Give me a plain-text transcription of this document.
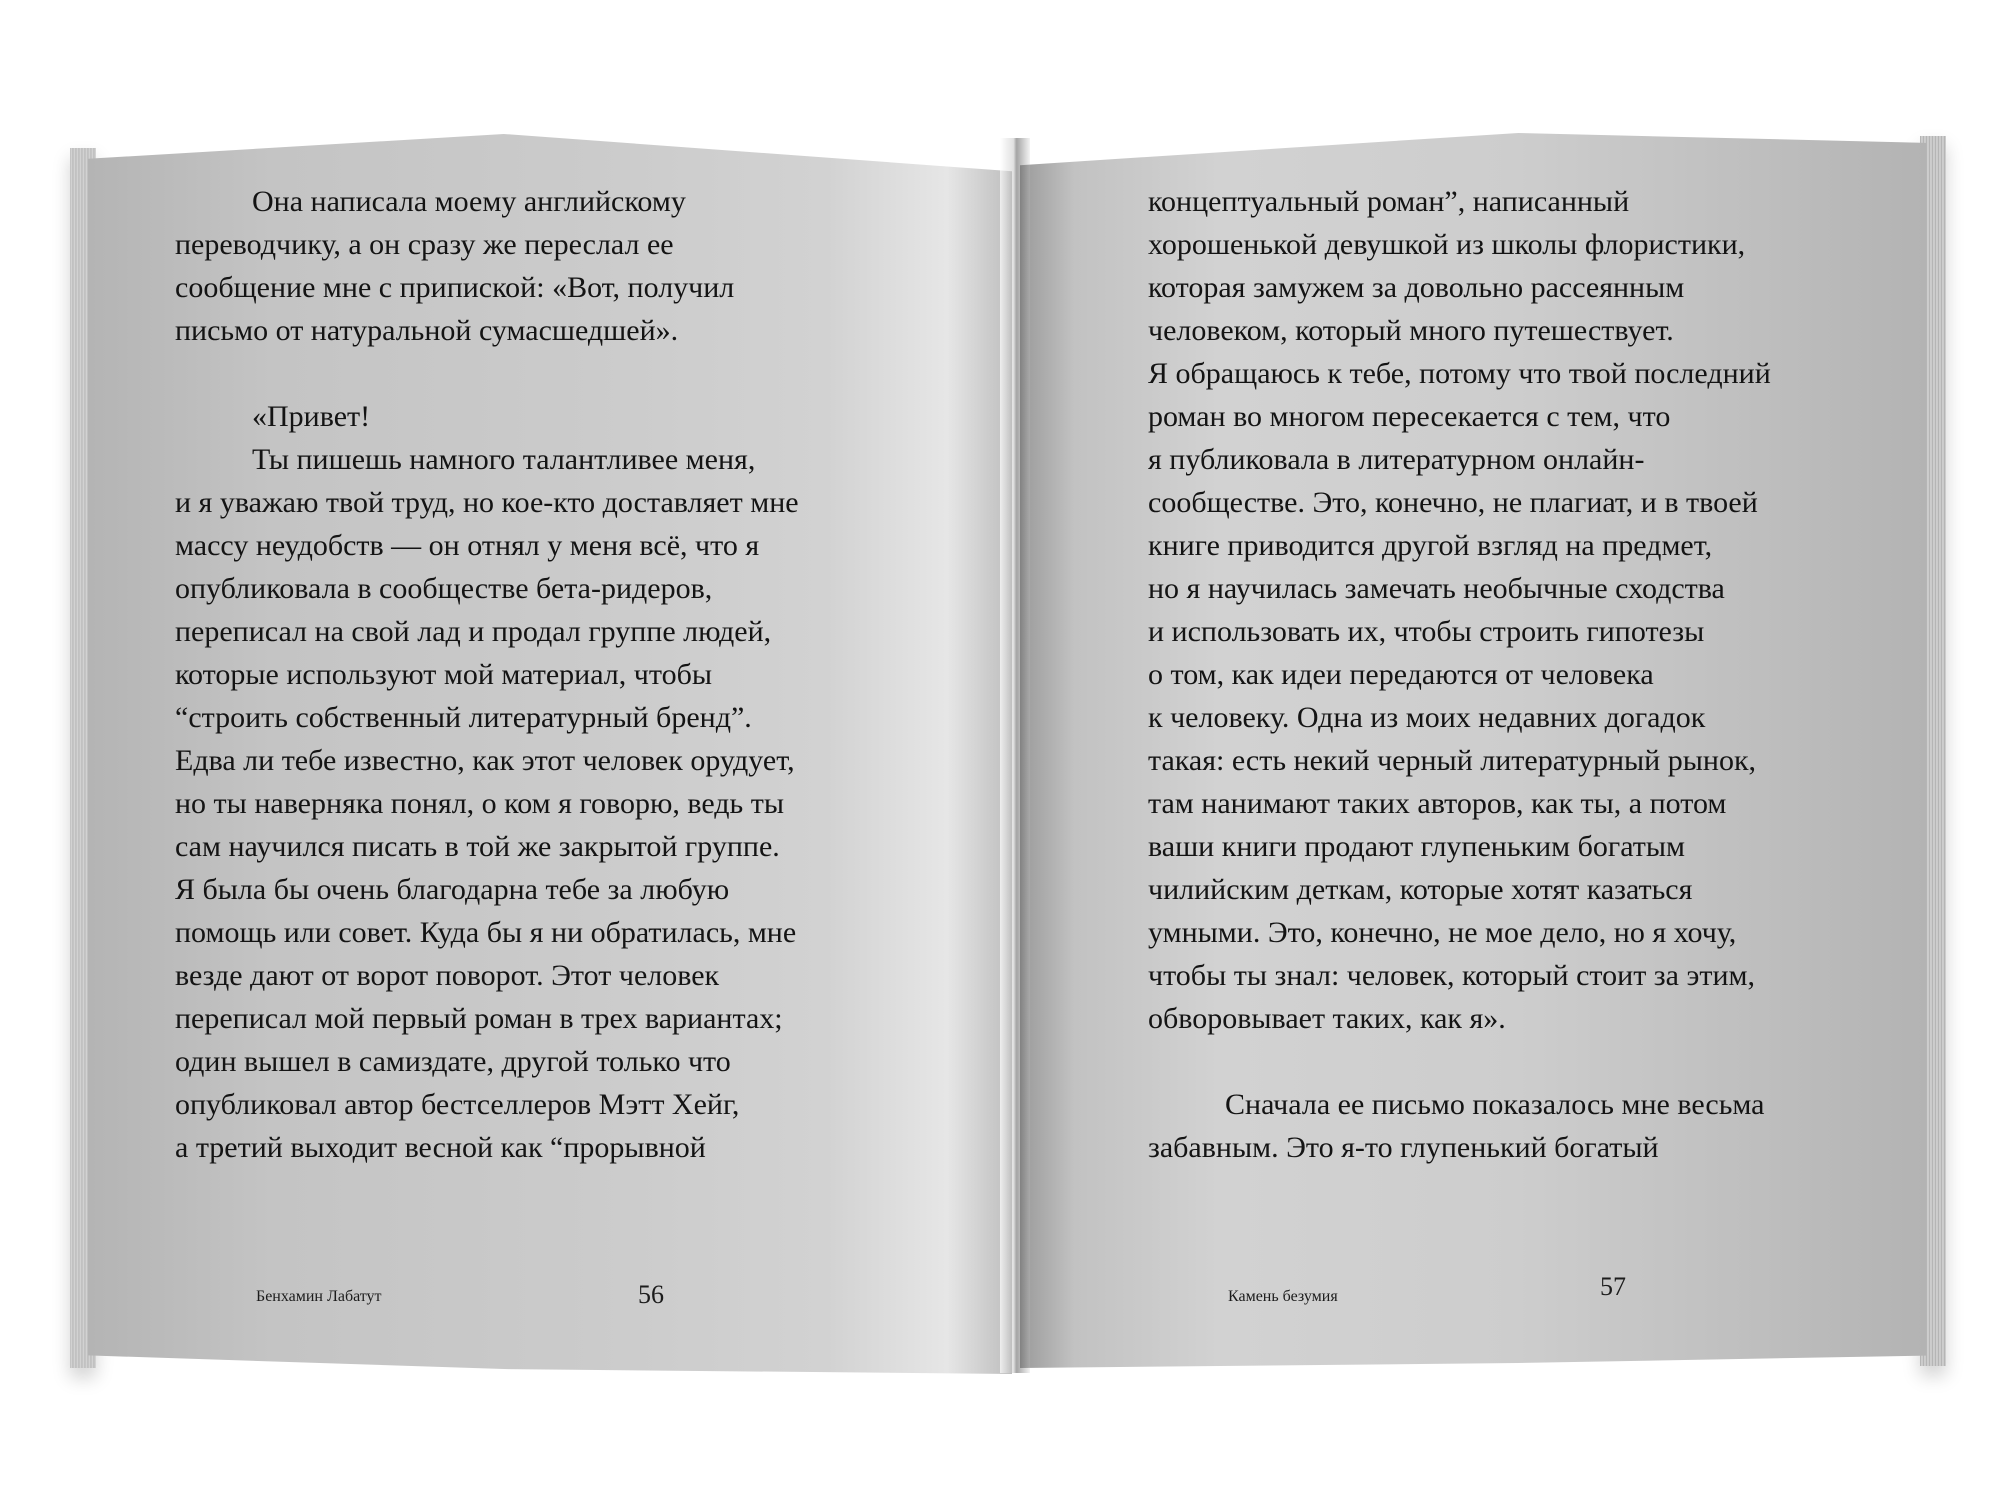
Она написала моему английскому
переводчику, а он сразу же переслал ее
сообщение мне с припиской: «Вот, получил
письмо от натуральной сумасшедшей».
«Привет!
Ты пишешь намного талантливее меня,
и я уважаю твой труд, но кое-кто доставляет мне
массу неудобств — он отнял у меня всё, что я
опубликовала в сообществе бета-ридеров,
переписал на свой лад и продал группе людей,
которые используют мой материал, чтобы
“строить собственный литературный бренд”.
Едва ли тебе известно, как этот человек орудует,
но ты наверняка понял, о ком я говорю, ведь ты
сам научился писать в той же закрытой группе.
Я была бы очень благодарна тебе за любую
помощь или совет. Куда бы я ни обратилась, мне
везде дают от ворот поворот. Этот человек
переписал мой первый роман в трех вариантах;
один вышел в самиздате, другой только что
опубликовал автор бестселлеров Мэтт Хейг,
а третий выходит весной как “прорывной
концептуальный роман”, написанный
хорошенькой девушкой из школы флористики,
которая замужем за довольно рассеянным
человеком, который много путешествует.
Я обращаюсь к тебе, потому что твой последний
роман во многом пересекается с тем, что
я публиковала в литературном онлайн-
сообществе. Это, конечно, не плагиат, и в твоей
книге приводится другой взгляд на предмет,
но я научилась замечать необычные сходства
и использовать их, чтобы строить гипотезы
о том, как идеи передаются от человека
к человеку. Одна из моих недавних догадок
такая: есть некий черный литературный рынок,
там нанимают таких авторов, как ты, а потом
ваши книги продают глупеньким богатым
чилийским деткам, которые хотят казаться
умными. Это, конечно, не мое дело, но я хочу,
чтобы ты знал: человек, который стоит за этим,
обворовывает таких, как я».
Сначала ее письмо показалось мне весьма
забавным. Это я-то глупенький богатый
Бенхамин Лабатут	56	Камень безумия	57
